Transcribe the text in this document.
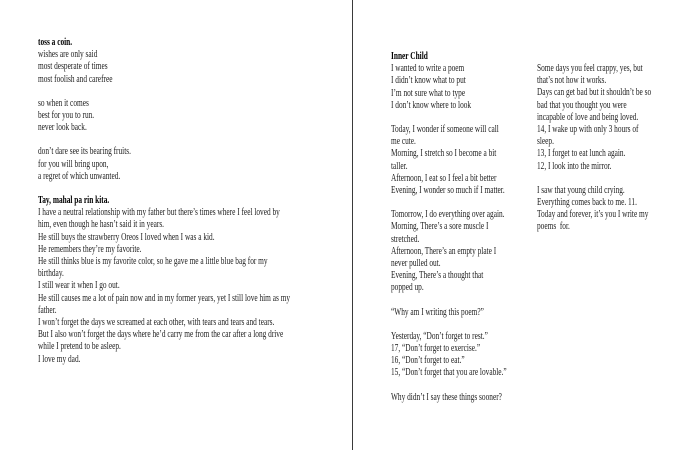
toss a coin.
wishes are only said
most desperate of times
most foolish and carefree
so when it comes
best for you to run.
never look back.
don’t dare see its bearing fruits.
for you will bring upon,
a regret of which unwanted.
Tay, mahal pa rin kita.
I have a neutral relationship with my father but there’s times where I feel loved by
him, even though he hasn’t said it in years.
He still buys the strawberry Oreos I loved when I was a kid.
He remembers they’re my favorite.
He still thinks blue is my favorite color, so he gave me a little blue bag for my
birthday.
I still wear it when I go out.
He still causes me a lot of pain now and in my former years, yet I still love him as my
father.
I won’t forget the days we screamed at each other, with tears and tears and tears.
But I also won’t forget the days where he’d carry me from the car after a long drive
while I pretend to be asleep.
I love my dad.
Inner Child
I wanted to write a poem
I didn’t know what to put
I’m not sure what to type
I don’t know where to look
Today, I wonder if someone will call
me cute.
Morning, I stretch so I become a bit
taller.
Afternoon, I eat so I feel a bit better
Evening, I wonder so much if I matter.
Tomorrow, I do everything over again.
Morning, There’s a sore muscle I
stretched.
Afternoon, There’s an empty plate I
never pulled out.
Evening, There’s a thought that
popped up.
“Why am I writing this poem?”
Yesterday, “Don’t forget to rest.”
17, “Don’t forget to exercise.”
16, “Don’t forget to eat.”
15, “Don’t forget that you are lovable.”
Why didn’t I say these things sooner?
Some days you feel crappy, yes, but
that’s not how it works.
Days can get bad but it shouldn’t be so
bad that you thought you were
incapable of love and being loved.
14, I wake up with only 3 hours of
sleep.
13, I forget to eat lunch again.
12, I look into the mirror.
I saw that young child crying.
Everything comes back to me. 11.
Today and forever, it’s you I write my
poems  for.
